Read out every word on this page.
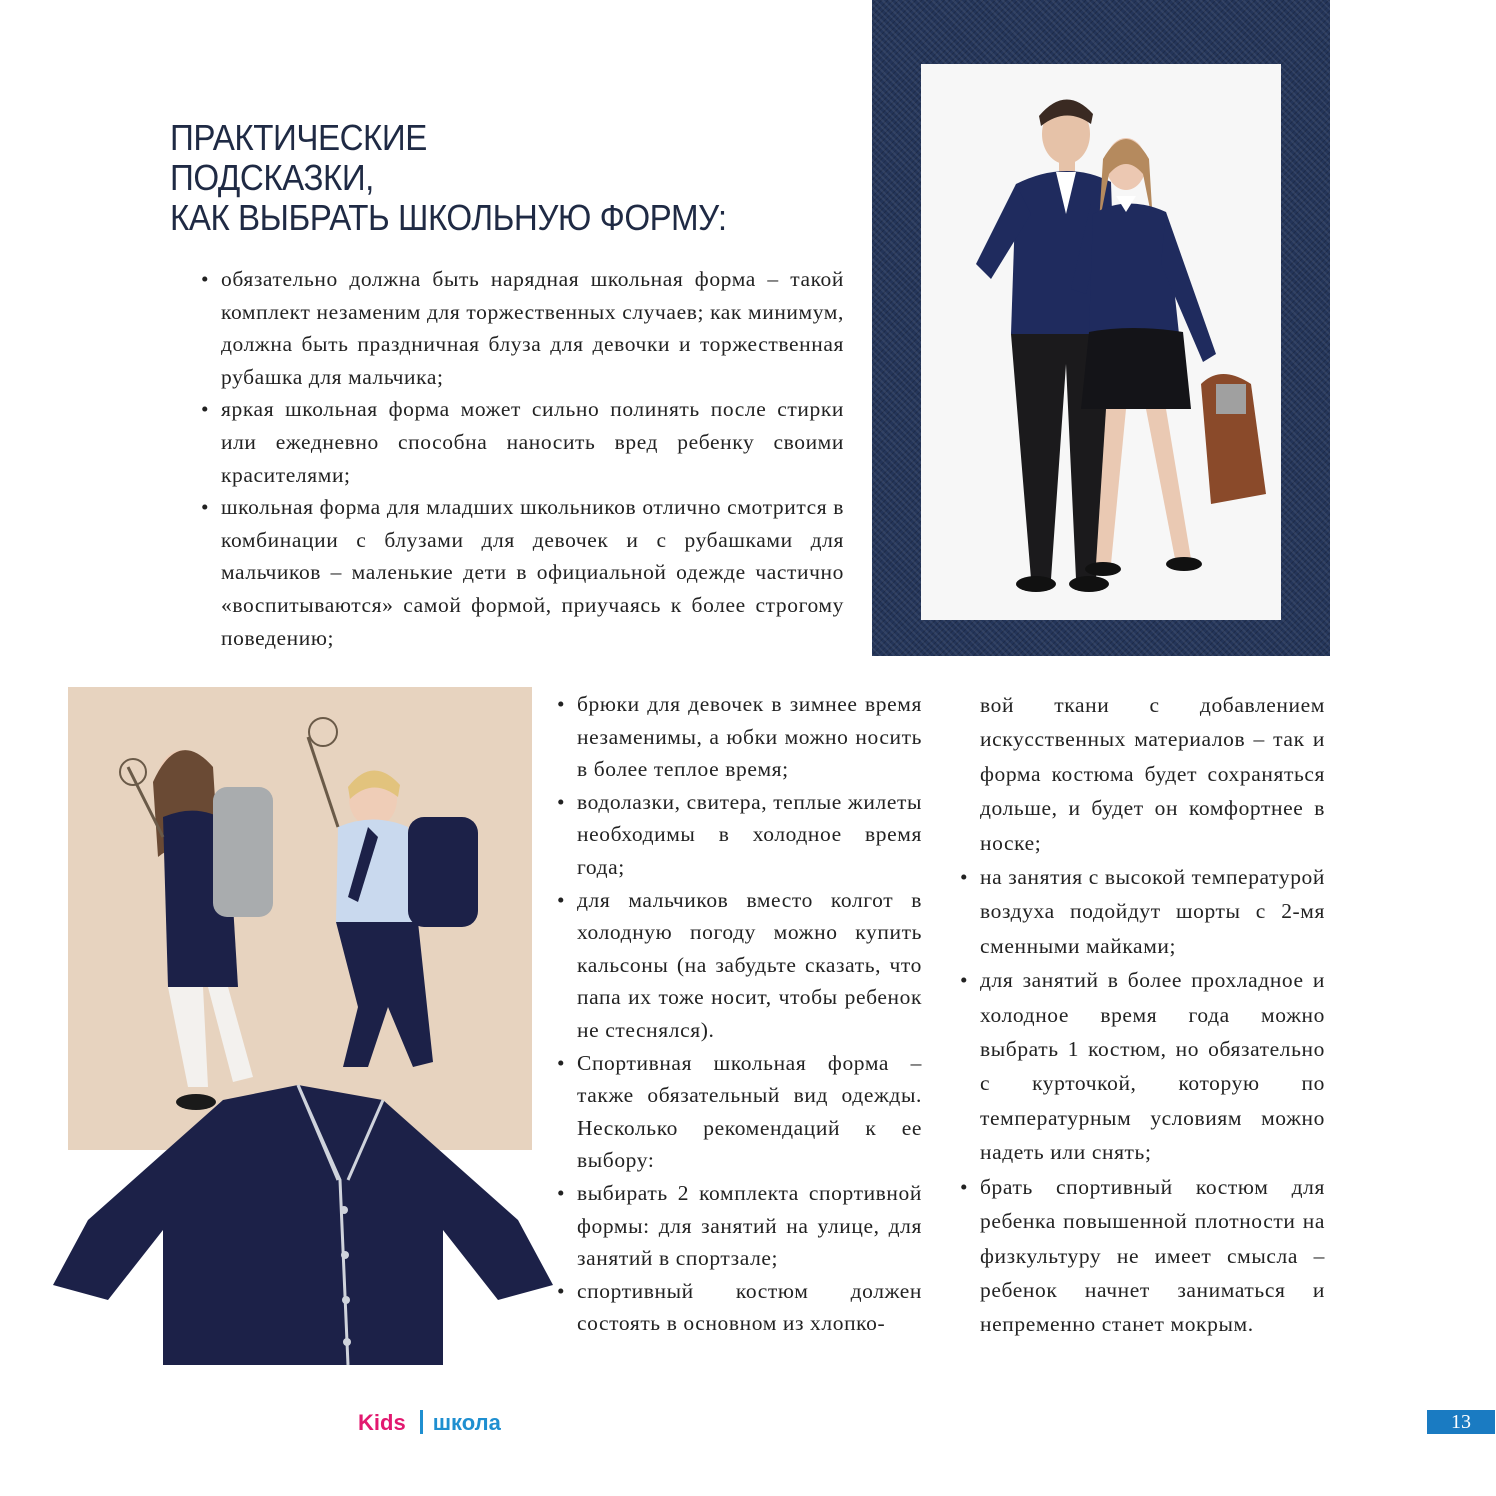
ПРАКТИЧЕСКИЕ
ПОДСКАЗКИ,
КАК ВЫБРАТЬ ШКОЛЬНУЮ ФОРМУ:
• обязательно должна быть нарядная школьная форма – такой комплект незаменим для торжественных случаев; как минимум, должна быть праздничная блуза для девочки и торжественная рубашка для мальчика;
• яркая школьная форма может сильно полинять после стирки или ежедневно способна наносить вред ребенку своими красителями;
• школьная форма для младших школьников отлично смотрится в комбинации с блузами для девочек и с рубашками для мальчиков – маленькие дети в официальной одежде частично «воспитываются» самой формой, приучаясь к более строгому поведению;
• брюки для девочек в зимнее время незаменимы, а юбки можно носить в более теплое время;
• водолазки, свитера, теплые жилеты необходимы в холодное время года;
• для мальчиков вместо колгот в холодную погоду можно купить кальсоны (на забудьте сказать, что папа их тоже носит, чтобы ребенок не стеснялся).
• Спортивная школьная форма – также обязательный вид одежды. Несколько рекомендаций к ее выбору:
• выбирать 2 комплекта спортивной формы: для занятий на улице, для занятий в спортзале;
• спортивный костюм должен состоять в основном из хлопко-
вой ткани с добавлением искусственных материалов – так и форма костюма будет сохраняться дольше, и будет он комфортнее в носке;
• на занятия с высокой температурой воздуха подойдут шорты с 2-мя сменными майками;
• для занятий в более прохладное и холодное время года можно выбрать 1 костюм, но обязательно с курточкой, которую по температурным условиям можно надеть или снять;
• брать спортивный костюм для ребенка повышенной плотности на физкультуру не имеет смысла – ребенок начнет заниматься и непременно станет мокрым.
Kids школа	13
